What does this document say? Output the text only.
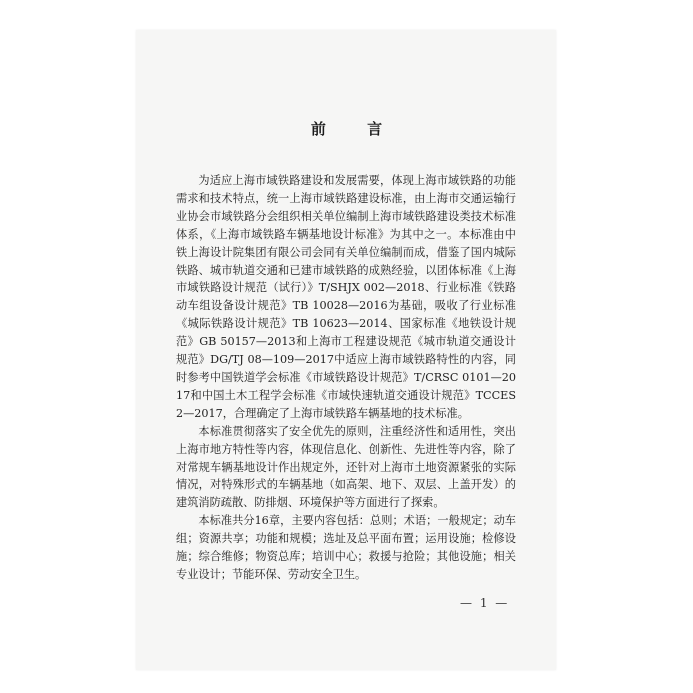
前 言

为适应上海市域铁路建设和发展需要，体现上海市域铁路的功能需求和技术特点，统一上海市域铁路建设标准，由上海市交通运输行业协会市域铁路分会组织相关单位编制上海市域铁路建设类技术标准体系，《上海市域铁路车辆基地设计标准》为其中之一。本标准由中铁上海设计院集团有限公司会同有关单位编制而成，借鉴了国内城际铁路、城市轨道交通和已建市域铁路的成熟经验，以团体标准《上海市域铁路设计规范（试行）》T/SHJX 002—2018、行业标准《铁路动车组设备设计规范》TB 10028—2016为基础，吸收了行业标准《城际铁路设计规范》TB 10623—2014、国家标准《地铁设计规范》GB 50157—2013和上海市工程建设规范《城市轨道交通设计规范》DG/TJ 08—109—2017中适应上海市域铁路特性的内容，同时参考中国铁道学会标准《市域铁路设计规范》T/CRSC 0101—2017和中国土木工程学会标准《市域快速轨道交通设计规范》TCCES 2—2017，合理确定了上海市域铁路车辆基地的技术标准。

本标准贯彻落实了安全优先的原则，注重经济性和适用性，突出上海市地方特性等内容，体现信息化、创新性、先进性等内容，除了对常规车辆基地设计作出规定外，还针对上海市土地资源紧张的实际情况，对特殊形式的车辆基地（如高架、地下、双层、上盖开发）的建筑消防疏散、防排烟、环境保护等方面进行了探索。

本标准共分16章，主要内容包括：总则；术语；一般规定；动车组；资源共享；功能和规模；选址及总平面布置；运用设施；检修设施；综合维修；物资总库；培训中心；救援与抢险；其他设施；相关专业设计；节能环保、劳动安全卫生。

— 1 —
